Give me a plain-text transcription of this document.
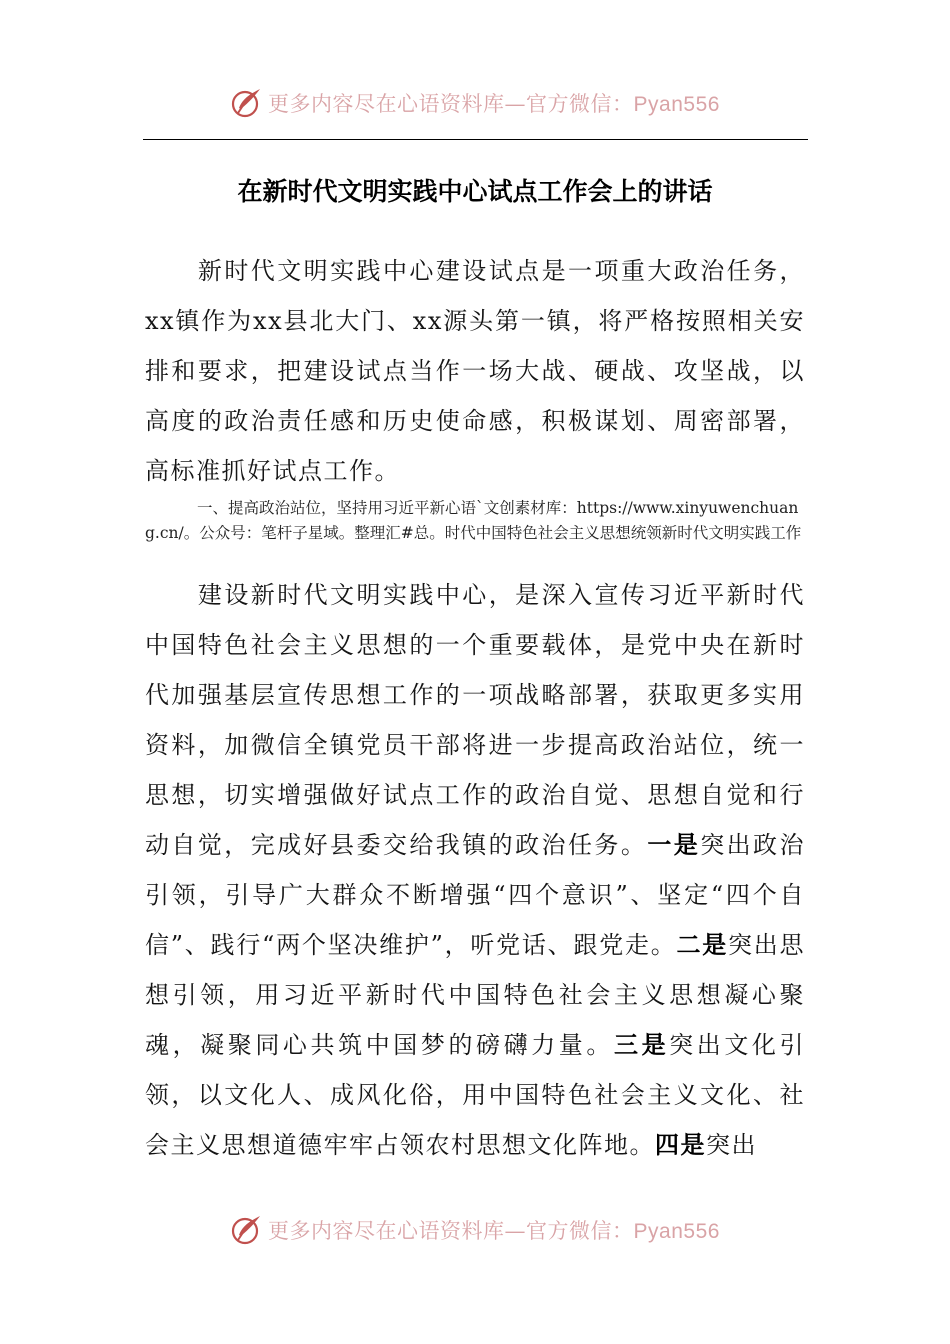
更多内容尽在心语资料库—官方微信：Pyan556
在新时代文明实践中心试点工作会上的讲话

新时代文明实践中心建设试点是一项重大政治任务，xx镇作为xx县北大门、xx源头第一镇，将严格按照相关安排和要求，把建设试点当作一场大战、硬战、攻坚战，以高度的政治责任感和历史使命感，积极谋划、周密部署，高标准抓好试点工作。

一、提高政治站位，坚持用习近平新心语`文创素材库：https://www.xinyuwenchuang.cn/。公众号：笔杆子星域。整理汇#总。时代中国特色社会主义思想统领新时代文明实践工作

建设新时代文明实践中心，是深入宣传习近平新时代中国特色社会主义思想的一个重要载体，是党中央在新时代加强基层宣传思想工作的一项战略部署，获取更多实用资料，加微信全镇党员干部将进一步提高政治站位，统一思想，切实增强做好试点工作的政治自觉、思想自觉和行动自觉，完成好县委交给我镇的政治任务。一是突出政治引领，引导广大群众不断增强“四个意识”、坚定“四个自信”、践行“两个坚决维护”，听党话、跟党走。二是突出思想引领，用习近平新时代中国特色社会主义思想凝心聚魂，凝聚同心共筑中国梦的磅礴力量。三是突出文化引领，以文化人、成风化俗，用中国特色社会主义文化、社会主义思想道德牢牢占领农村思想文化阵地。四是突出

更多内容尽在心语资料库—官方微信：Pyan556
